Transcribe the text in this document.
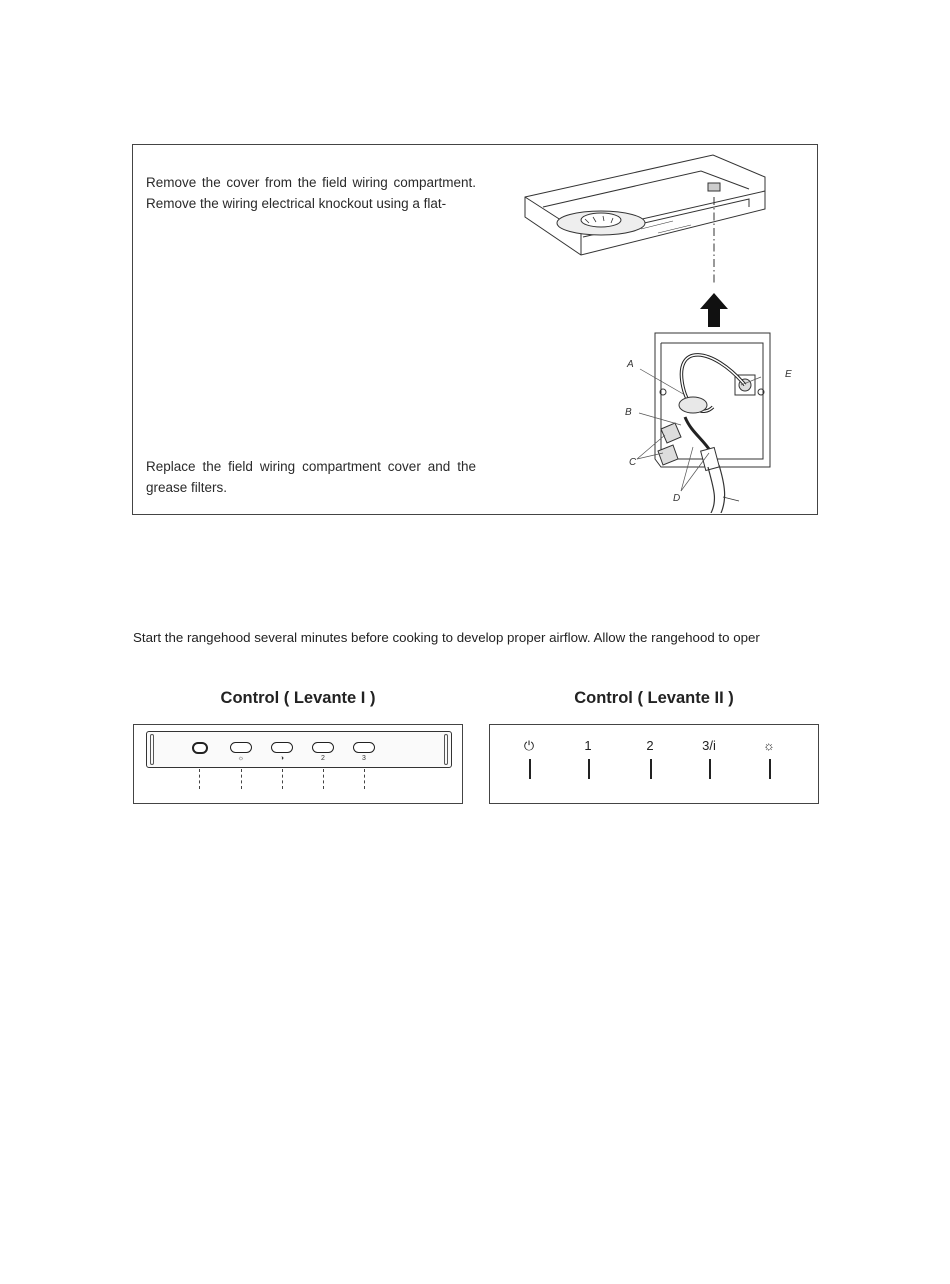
Remove the cover from the field wiring compartment. Remove the wiring electrical knockout using a flat-
Replace the field wiring compartment cover and the grease filters.
A
B
C
D
E
Start the rangehood several minutes before cooking to develop proper airflow. Allow the rangehood to oper
Control ( Levante I )	Control ( Levante II )
☼	◑	2	3
⏻	1	2	3/i	☼
